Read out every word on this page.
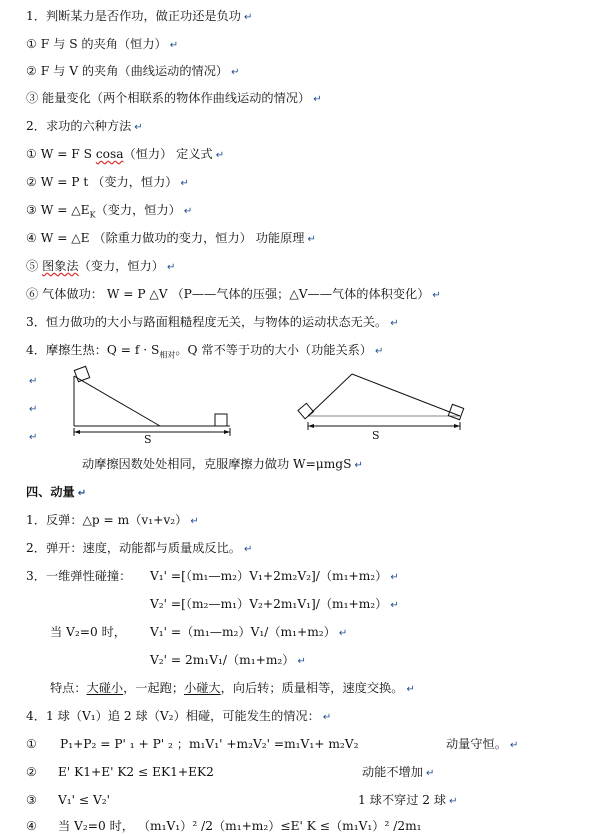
1．判断某力是否作功，做正功还是负功 ↵
① F 与 S 的夹角（恒力） ↵
② F 与 V 的夹角（曲线运动的情况） ↵
③ 能量变化（两个相联系的物体作曲线运动的情况） ↵
2．求功的六种方法 ↵
① W = F S cosa（恒力） 定义式 ↵
② W = P t （变力，恒力） ↵
③ $W = \triangle E_K$（变力，恒力） ↵
④ W = △E （除重力做功的变力，恒力） 功能原理 ↵
⑤ 图象法（变力，恒力） ↵
⑥ 气体做功： W = P △V （P——气体的压强；△V——气体的体积变化） ↵
3．恒力做功的大小与路面粗糙程度无关，与物体的运动状态无关。 ↵
4．摩擦生热：$Q = f \cdot S_{相对}$。Q 常不等于功的大小（功能关系） ↵
↵
↵
↵	S	S
动摩擦因数处处相同，克服摩擦力做功 W=μmgS ↵
四、动量 ↵
1．反弹：△p = m（v₁+v₂） ↵
2．弹开：速度，动能都与质量成反比。 ↵
3．一维弹性碰撞： V₁' =[（m₁—m₂）V₁+2m₂V₂]/（m₁+m₂） ↵
V₂' =[（m₂—m₁）V₂+2m₁V₁]/（m₁+m₂） ↵
当 V₂=0 时， V₁' =（m₁—m₂）V₁/（m₁+m₂） ↵
V₂' = 2m₁V₁/（m₁+m₂） ↵
特点：大碰小，一起跑；小碰大，向后转；质量相等，速度交换。 ↵
4．1 球（V₁）追 2 球（V₂）相碰，可能发生的情况： ↵
① P₁+P₂ = P' ₁ + P' ₂ ；m₁V₁' +m₂V₂' =m₁V₁+ m₂V₂	动量守恒。 ↵
② E' K1+E' K2 ≤ EK1+EK2	动能不增加 ↵
③ V₁' ≤ V₂'	1 球不穿过 2 球 ↵
④ 当 V₂=0 时， （m₁V₁）² /2（m₁+m₂）≤E' K ≤（m₁V₁）² /2m₁
